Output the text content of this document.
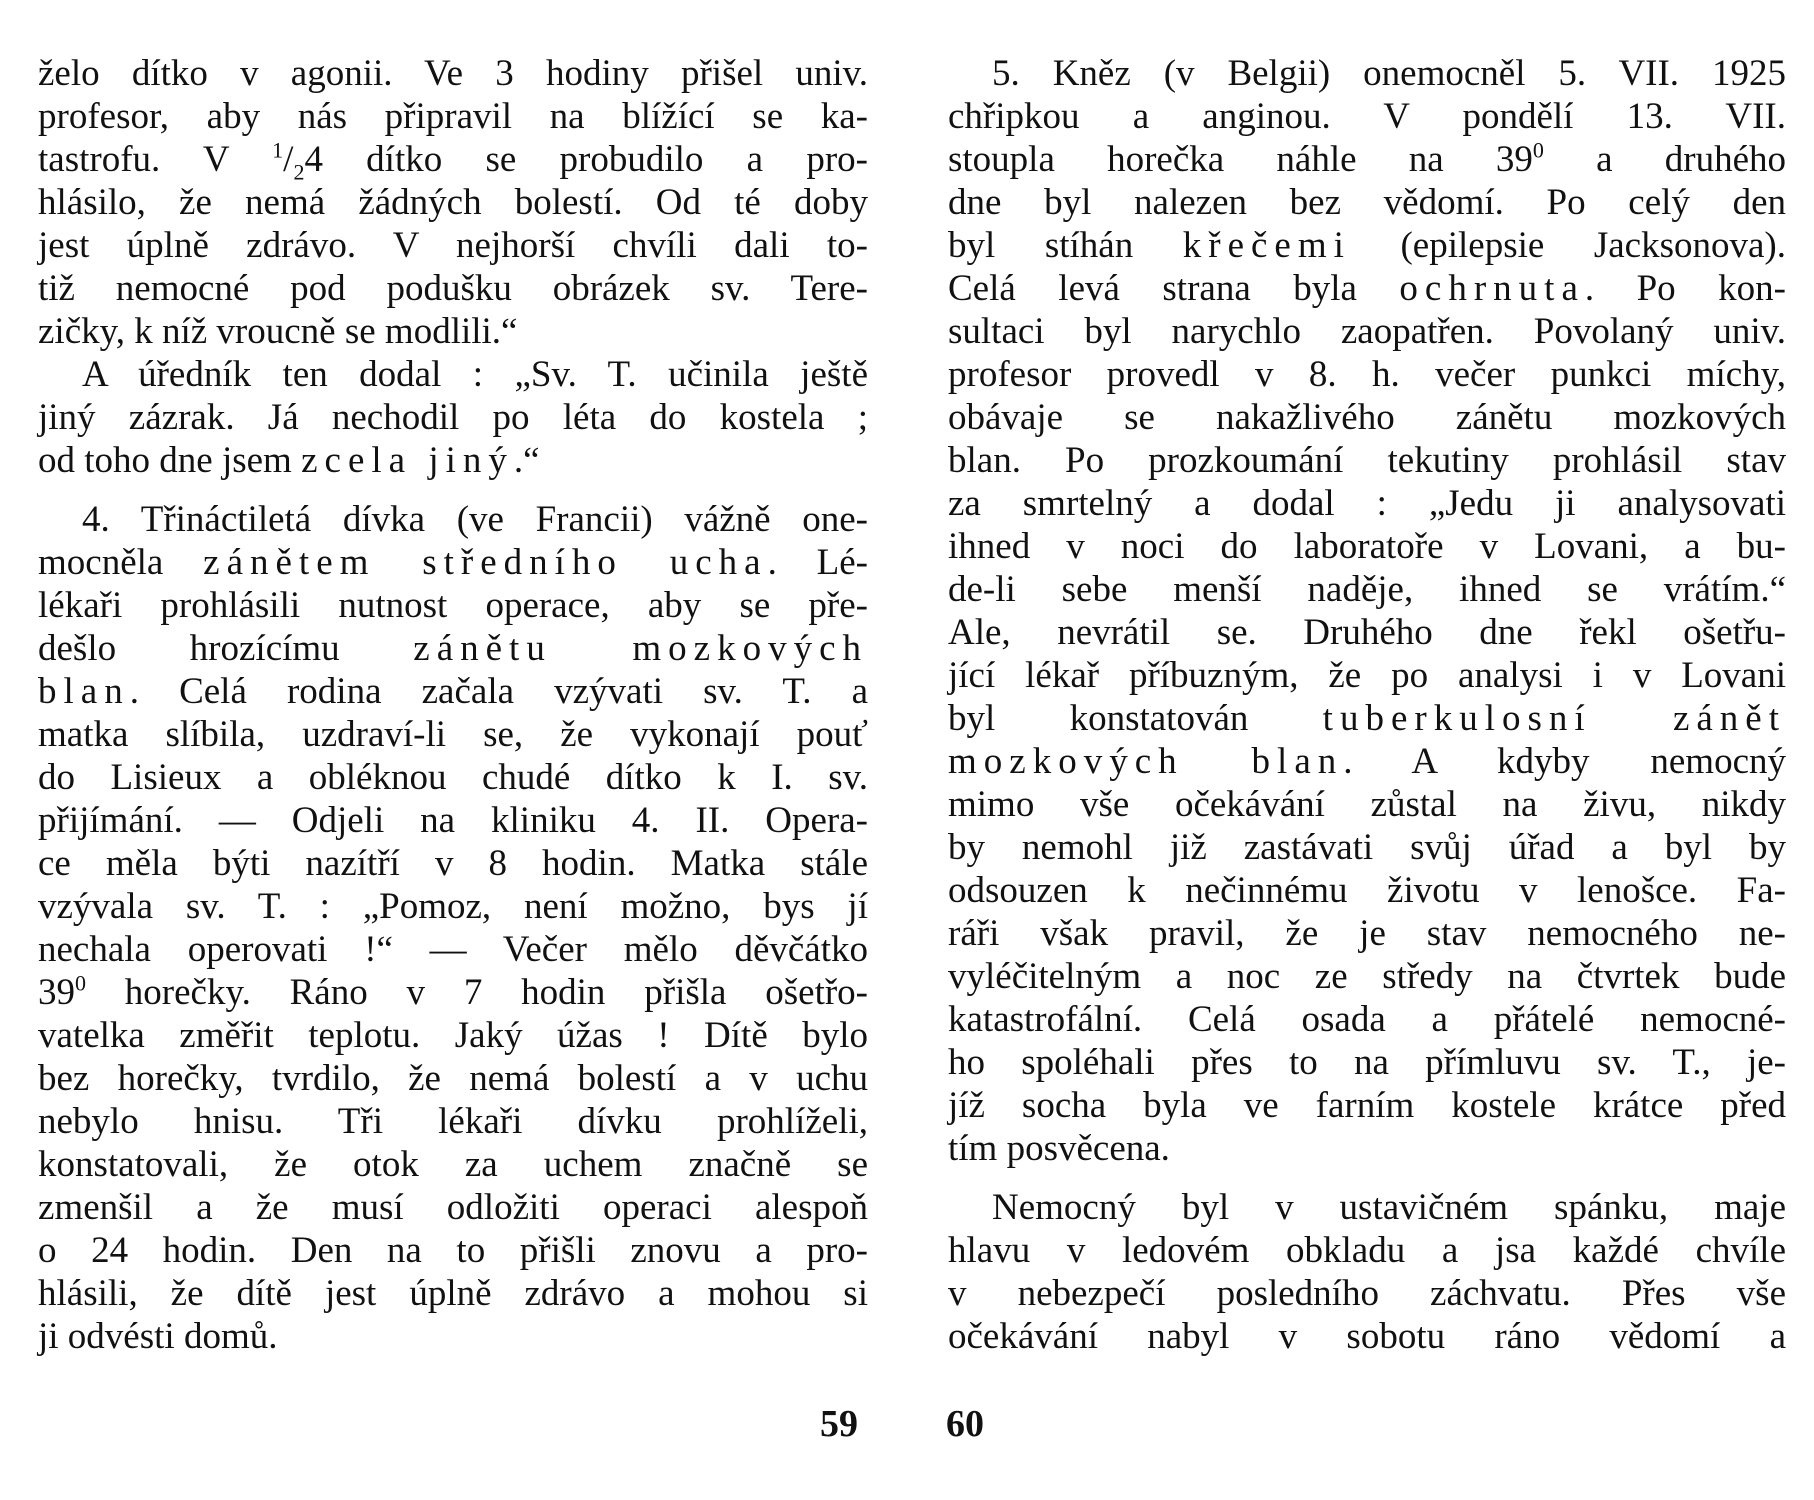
želo dítko v agonii. Ve 3 hodiny přišel univ.
profesor, aby nás připravil na blížící se ka-
tastrofu. V $^1/_24$ dítko se probudilo a pro-
hlásilo, že nemá žádných bolestí. Od té doby
jest úplně zdrávo. V nejhorší chvíli dali to-
tiž nemocné pod podušku obrázek sv. Tere-
zičky, k níž vroucně se modlili.“
A úředník ten dodal : „Sv. T. učinila ještě
jiný zázrak. Já nechodil po léta do kostela ;
od toho dne jsem zcela jiný.“
4. Třináctiletá dívka (ve Francii) vážně one-
mocněla zánětem středního ucha. Lé-
lékaři prohlásili nutnost operace, aby se pře-
dešlo hrozícímu zánětu mozkových
blan. Celá rodina začala vzývati sv. T. a
matka slíbila, uzdraví-li se, že vykonají pouť
do Lisieux a obléknou chudé dítko k I. sv.
přijímání. — Odjeli na kliniku 4. II. Opera-
ce měla býti nazítří v 8 hodin. Matka stále
vzývala sv. T. : „Pomoz, není možno, bys jí
nechala operovati !“ — Večer mělo děvčátko
$39^0$ horečky. Ráno v 7 hodin přišla ošetřo-
vatelka změřit teplotu. Jaký úžas ! Dítě bylo
bez horečky, tvrdilo, že nemá bolestí a v uchu
nebylo hnisu. Tři lékaři dívku prohlíželi,
konstatovali, že otok za uchem značně se
zmenšil a že musí odložiti operaci alespoň
o 24 hodin. Den na to přišli znovu a pro-
hlásili, že dítě jest úplně zdrávo a mohou si
ji odvésti domů.
5. Kněz (v Belgii) onemocněl 5. VII. 1925
chřipkou a anginou. V pondělí 13. VII.
stoupla horečka náhle na $39^0$ a druhého
dne byl nalezen bez vědomí. Po celý den
byl stíhán křečemi (epilepsie Jacksonova).
Celá levá strana byla ochrnuta. Po kon-
sultaci byl narychlo zaopatřen. Povolaný univ.
profesor provedl v 8. h. večer punkci míchy,
obávaje se nakažlivého zánětu mozkových
blan. Po prozkoumání tekutiny prohlásil stav
za smrtelný a dodal : „Jedu ji analysovati
ihned v noci do laboratoře v Lovani, a bu-
de-li sebe menší naděje, ihned se vrátím.“
Ale, nevrátil se. Druhého dne řekl ošetřu-
jící lékař příbuzným, že po analysi i v Lovani
byl konstatován tuberkulosní zánět
mozkových blan. A kdyby nemocný
mimo vše očekávání zůstal na živu, nikdy
by nemohl již zastávati svůj úřad a byl by
odsouzen k nečinnému životu v lenošce. Fa-
ráři však pravil, že je stav nemocného ne-
vyléčitelným a noc ze středy na čtvrtek bude
katastrofální. Celá osada a přátelé nemocné-
ho spoléhali přes to na přímluvu sv. T., je-
jíž socha byla ve farním kostele krátce před
tím posvěcena.
Nemocný byl v ustavičném spánku, maje
hlavu v ledovém obkladu a jsa každé chvíle
v nebezpečí posledního záchvatu. Přes vše
očekávání nabyl v sobotu ráno vědomí a
59 60
